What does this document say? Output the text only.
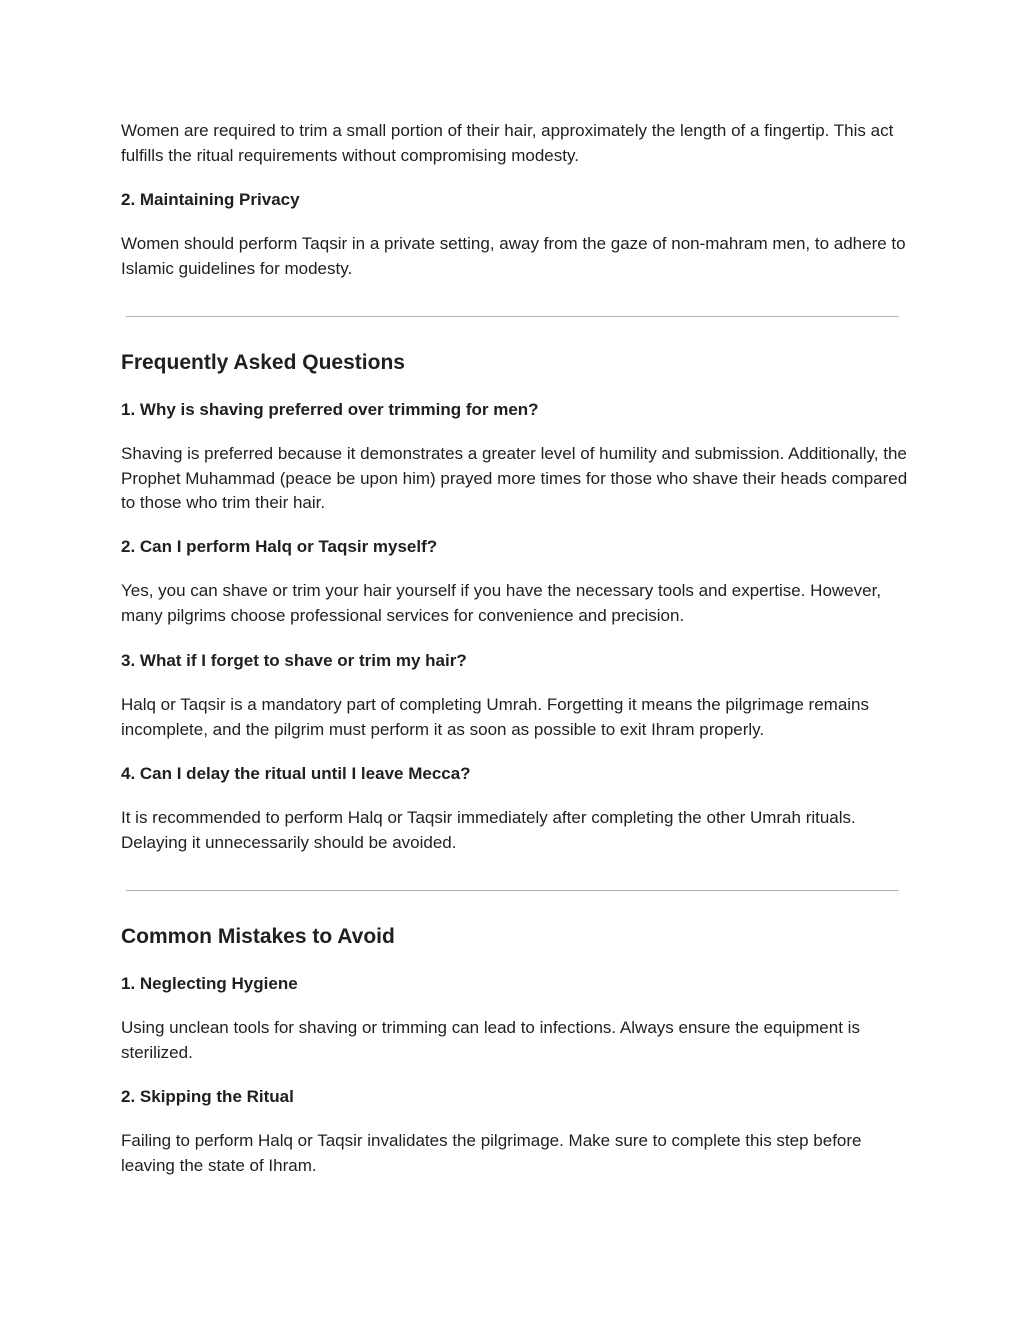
Women are required to trim a small portion of their hair, approximately the length of a fingertip. This act fulfills the ritual requirements without compromising modesty.

2. Maintaining Privacy

Women should perform Taqsir in a private setting, away from the gaze of non-mahram men, to adhere to Islamic guidelines for modesty.

Frequently Asked Questions

1. Why is shaving preferred over trimming for men?

Shaving is preferred because it demonstrates a greater level of humility and submission. Additionally, the Prophet Muhammad (peace be upon him) prayed more times for those who shave their heads compared to those who trim their hair.

2. Can I perform Halq or Taqsir myself?

Yes, you can shave or trim your hair yourself if you have the necessary tools and expertise. However, many pilgrims choose professional services for convenience and precision.

3. What if I forget to shave or trim my hair?

Halq or Taqsir is a mandatory part of completing Umrah. Forgetting it means the pilgrimage remains incomplete, and the pilgrim must perform it as soon as possible to exit Ihram properly.

4. Can I delay the ritual until I leave Mecca?

It is recommended to perform Halq or Taqsir immediately after completing the other Umrah rituals. Delaying it unnecessarily should be avoided.

Common Mistakes to Avoid

1. Neglecting Hygiene

Using unclean tools for shaving or trimming can lead to infections. Always ensure the equipment is sterilized.

2. Skipping the Ritual

Failing to perform Halq or Taqsir invalidates the pilgrimage. Make sure to complete this step before leaving the state of Ihram.
